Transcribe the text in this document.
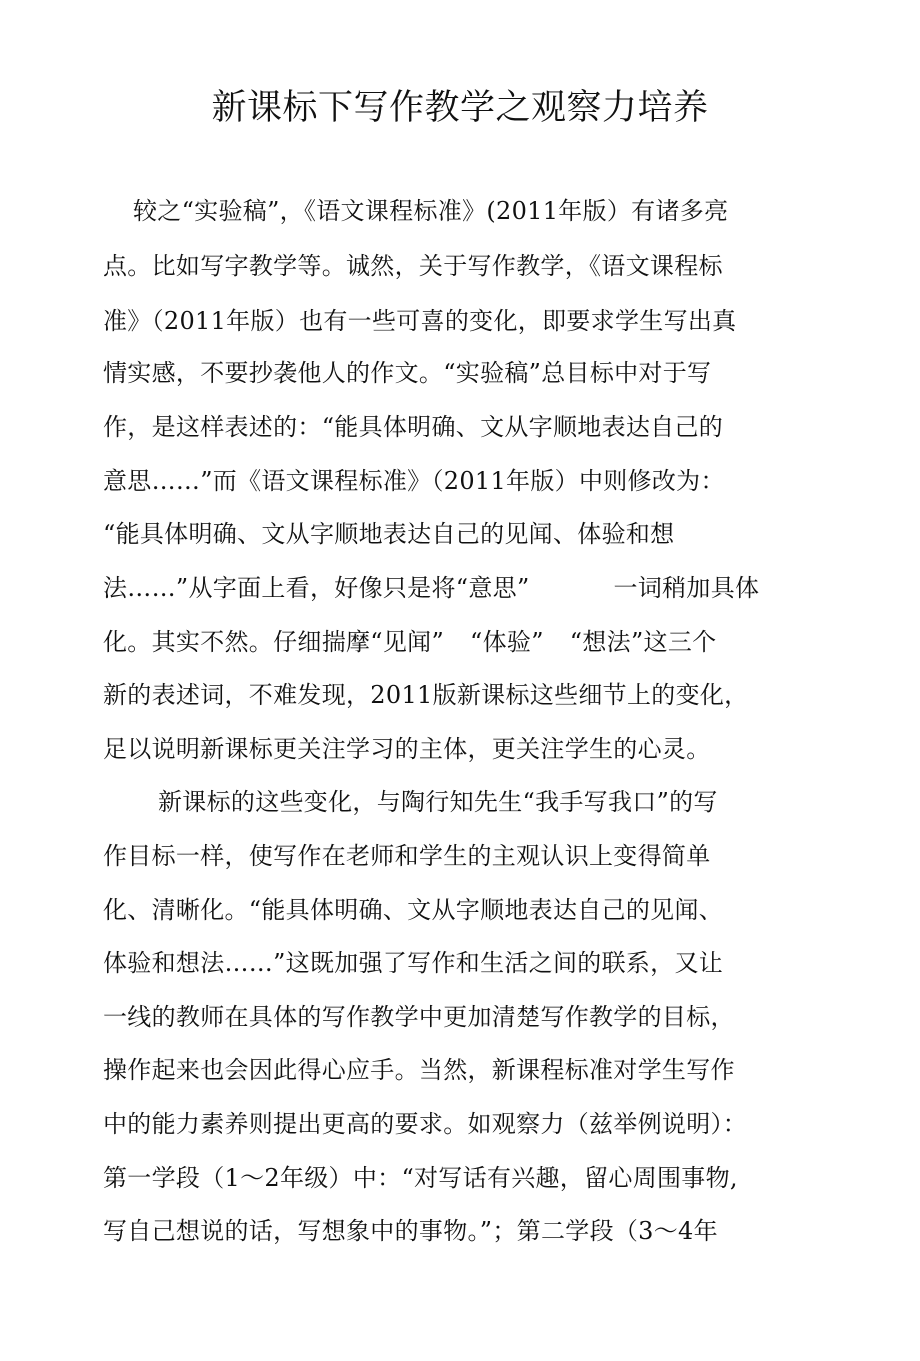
新课标下写作教学之观察力培养
较之“实验稿”，《语文课程标准》(2011年版）有诸多亮
点。比如写字教学等。诚然，关于写作教学，《语文课程标
准》（2011年版）也有一些可喜的变化，即要求学生写出真
情实感，不要抄袭他人的作文。“实验稿”总目标中对于写
作，是这样表述的：“能具体明确、文从字顺地表达自己的
意思……”而《语文课程标准》（2011年版）中则修改为：
“能具体明确、文从字顺地表达自己的见闻、体验和想
法……”从字面上看，好像只是将“意思”	一词稍加具体
化。其实不然。仔细揣摩“见闻” “体验” “想法”这三个
新的表述词，不难发现，2011版新课标这些细节上的变化，
足以说明新课标更关注学习的主体，更关注学生的心灵。
新课标的这些变化，与陶行知先生“我手写我口”的写
作目标一样，使写作在老师和学生的主观认识上变得简单
化、清晰化。“能具体明确、文从字顺地表达自己的见闻、
体验和想法……”这既加强了写作和生活之间的联系，又让
一线的教师在具体的写作教学中更加清楚写作教学的目标，
操作起来也会因此得心应手。当然，新课程标准对学生写作
中的能力素养则提出更高的要求。如观察力（兹举例说明）：
第一学段（1〜2年级）中：“对写话有兴趣，留心周围事物,
写自己想说的话，写想象中的事物。”；第二学段（3〜4年
